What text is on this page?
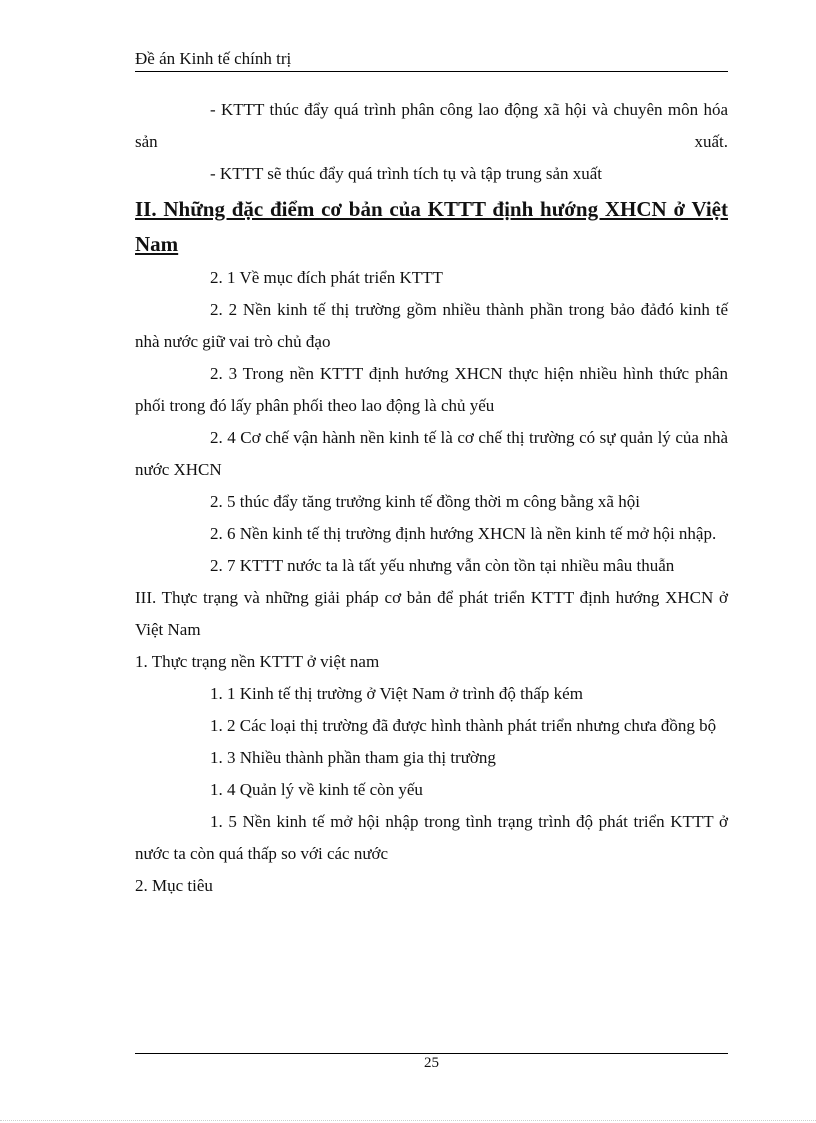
Đề án Kinh tế chính trị

- KTTT thúc đẩy quá trình phân công lao động xã hội và chuyên môn hóa sản xuất.

- KTTT sẽ thúc đẩy quá trình tích tụ và tập trung sản xuất

II. Những đặc điểm cơ bản của KTTT định hướng XHCN ở Việt Nam

2. 1 Về mục đích phát triển KTTT

2. 2 Nền kinh tế thị trường gồm nhiều thành phần trong bảo đảđó kinh tế nhà nước giữ vai trò chủ đạo

2. 3 Trong nền KTTT định hướng XHCN thực hiện nhiều hình thức phân phối trong đó lấy phân phối theo lao động là chủ yếu

2. 4 Cơ chế vận hành nền kinh tế là cơ chế thị trường có sự quản lý của nhà nước XHCN

2. 5 thúc đẩy tăng trưởng kinh tế đồng thời m công bằng xã hội

2. 6 Nền kinh tế thị trường định hướng XHCN là nền kinh tế mở hội nhập.

2. 7 KTTT nước ta là tất yếu nhưng vẫn còn tồn tại nhiều mâu thuẫn

III. Thực trạng và những giải pháp cơ bản để phát triển KTTT định hướng XHCN ở Việt Nam

1. Thực trạng nền KTTT ở việt nam

1. 1 Kinh tế thị trường ở Việt Nam ở trình độ thấp kém

1. 2 Các loại thị trường đã được hình thành phát triển nhưng chưa đồng bộ

1. 3 Nhiều thành phần tham gia thị trường

1. 4 Quản lý về kinh tế còn yếu

1. 5 Nền kinh tế mở hội nhập trong tình trạng trình độ phát triển KTTT ở nước ta còn quá thấp so với các nước

2. Mục tiêu

25
